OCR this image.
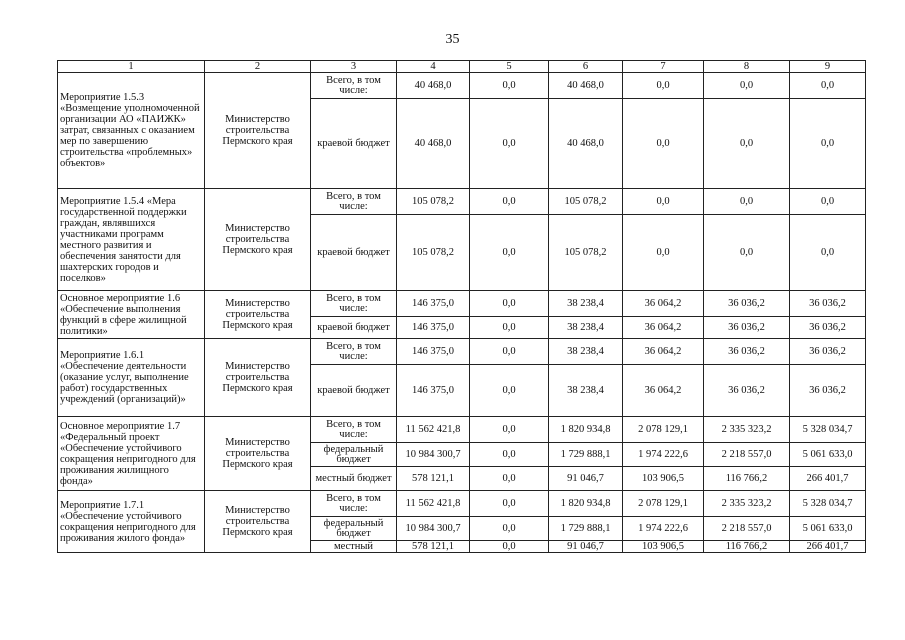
35
1	2	3	4	5	6	7	8	9
Мероприятие 1.5.3 «Возмещение уполномоченной организации АО «ПАИЖК» затрат, связанных с оказанием мер по завершению строительства «проблемных» объектов»	Министерство строительства Пермского края	Всего, в том числе:	40 468,0	0,0	40 468,0	0,0	0,0	0,0
		краевой бюджет	40 468,0	0,0	40 468,0	0,0	0,0	0,0
Мероприятие 1.5.4 «Мера государственной поддержки граждан, являвшихся участниками программ местного развития и обеспечения занятости для шахтерских городов и поселков»	Министерство строительства Пермского края	Всего, в том числе:	105 078,2	0,0	105 078,2	0,0	0,0	0,0
		краевой бюджет	105 078,2	0,0	105 078,2	0,0	0,0	0,0
Основное мероприятие 1.6 «Обеспечение выполнения функций в сфере жилищной политики»	Министерство строительства Пермского края	Всего, в том числе:	146 375,0	0,0	38 238,4	36 064,2	36 036,2	36 036,2
		краевой бюджет	146 375,0	0,0	38 238,4	36 064,2	36 036,2	36 036,2
Мероприятие 1.6.1 «Обеспечение деятельности (оказание услуг, выполнение работ) государственных учреждений (организаций)»	Министерство строительства Пермского края	Всего, в том числе:	146 375,0	0,0	38 238,4	36 064,2	36 036,2	36 036,2
		краевой бюджет	146 375,0	0,0	38 238,4	36 064,2	36 036,2	36 036,2
Основное мероприятие 1.7 «Федеральный проект «Обеспечение устойчивого сокращения непригодного для проживания жилищного фонда»	Министерство строительства Пермского края	Всего, в том числе:	11 562 421,8	0,0	1 820 934,8	2 078 129,1	2 335 323,2	5 328 034,7
		федеральный бюджет	10 984 300,7	0,0	1 729 888,1	1 974 222,6	2 218 557,0	5 061 633,0
		местный бюджет	578 121,1	0,0	91 046,7	103 906,5	116 766,2	266 401,7
Мероприятие 1.7.1 «Обеспечение устойчивого сокращения непригодного для проживания жилого фонда»	Министерство строительства Пермского края	Всего, в том числе:	11 562 421,8	0,0	1 820 934,8	2 078 129,1	2 335 323,2	5 328 034,7
		федеральный бюджет	10 984 300,7	0,0	1 729 888,1	1 974 222,6	2 218 557,0	5 061 633,0
		местный	578 121,1	0,0	91 046,7	103 906,5	116 766,2	266 401,7
